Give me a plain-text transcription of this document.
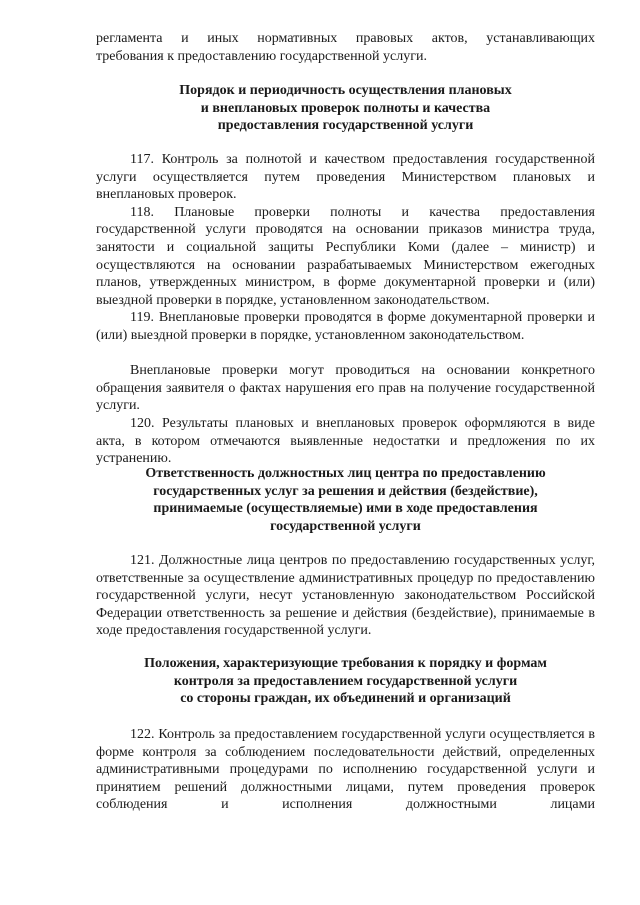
регламента и иных нормативных правовых актов, устанавливающих

требования к предоставлению государственной услуги.

Порядок и периодичность осуществления плановых
и внеплановых проверок полноты и качества
предоставления государственной услуги

117. Контроль за полнотой и качеством предоставления государственной услуги осуществляется путем проведения Министерством плановых и внеплановых проверок.

118. Плановые проверки полноты и качества предоставления государственной услуги проводятся на основании приказов министра труда, занятости и социальной защиты Республики Коми (далее – министр) и осуществляются на основании разрабатываемых Министерством ежегодных планов, утвержденных министром, в форме документарной проверки и (или) выездной проверки в порядке, установленном законодательством.

119. Внеплановые проверки проводятся в форме документарной проверки и (или) выездной проверки в порядке, установленном законодательством.

Внеплановые проверки могут проводиться на основании конкретного обращения заявителя о фактах нарушения его прав на получение государственной услуги.

120. Результаты плановых и внеплановых проверок оформляются в виде акта, в котором отмечаются выявленные недостатки и предложения по их устранению.

Ответственность должностных лиц центра по предоставлению
государственных услуг за решения и действия (бездействие),
принимаемые (осуществляемые) ими в ходе предоставления
государственной услуги

121. Должностные лица центров по предоставлению государственных услуг, ответственные за осуществление административных процедур по предоставлению государственной услуги, несут установленную законодательством Российской Федерации ответственность за решение и действия (бездействие), принимаемые в ходе предоставления государственной услуги.

Положения, характеризующие требования к порядку и формам
контроля за предоставлением государственной услуги
со стороны граждан, их объединений и организаций

122. Контроль за предоставлением государственной услуги осуществляется в форме контроля за соблюдением последовательности действий, определенных административными процедурами по исполнению государственной услуги и принятием решений должностными лицами, путем проведения проверок соблюдения и исполнения должностными лицами
